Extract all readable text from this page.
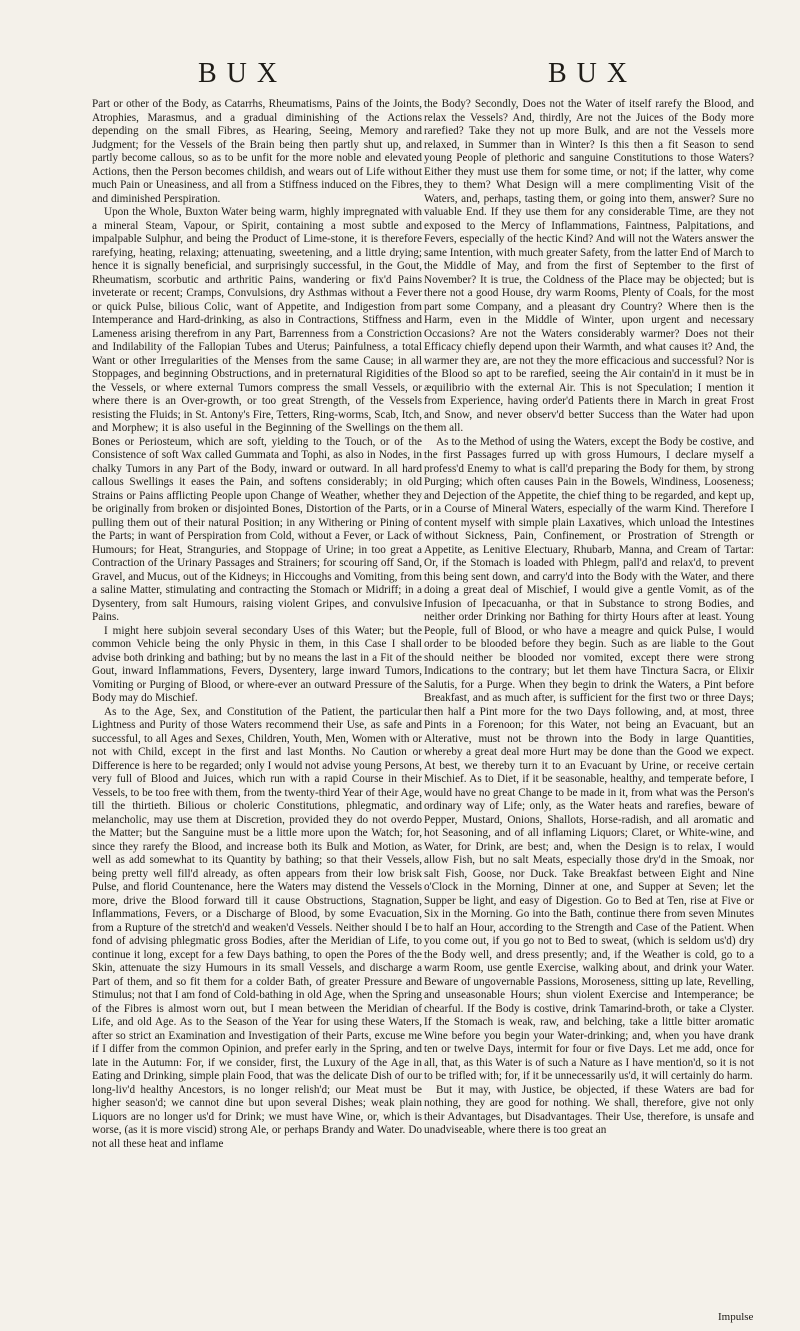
BUX	BUX

Part or other of the Body, as Catarrhs, Rheumatisms, Pains of the Joints, Atrophies, Marasmus, and a gradual diminishing of the Actions depending on the small Fibres, as Hearing, Seeing, Memory and Judgment; for the Vessels of the Brain being then partly shut up, and partly become callous, so as to be unfit for the more noble and elevated Actions, then the Person becomes childish, and wears out of Life without much Pain or Uneasiness, and all from a Stiffness induced on the Fibres, and diminished Perspiration.

Upon the Whole, Buxton Water being warm, highly impregnated with a mineral Steam, Vapour, or Spirit, containing a most subtle and impalpable Sulphur, and being the Product of Lime-stone, it is therefore rarefying, heating, relaxing; attenuating, sweetening, and a little drying; hence it is signally beneficial, and surprisingly successful, in the Gout, Rheumatism, scorbutic and arthritic Pains, wandering or fix'd Pains inveterate or recent; Cramps, Convulsions, dry Asthmas without a Fever or quick Pulse, bilious Colic, want of Appetite, and Indigestion from Intemperance and Hard-drinking, as also in Contractions, Stiffness and Lameness arising therefrom in any Part, Barrenness from a Constriction and Indilability of the Fallopian Tubes and Uterus; Painfulness, a total Want or other Irregularities of the Menses from the same Cause; in all Stoppages, and beginning Obstructions, and in preternatural Rigidities of the Vessels, or where external Tumors compress the small Vessels, or where there is an Over-growth, or too great Strength, of the Vessels resisting the Fluids; in St. Antony's Fire, Tetters, Ring-worms, Scab, Itch, and Morphew; it is also useful in the Beginning of the Swellings on the Bones or Periosteum, which are soft, yielding to the Touch, or of the Consistence of soft Wax called Gummata and Tophi, as also in Nodes, in chalky Tumors in any Part of the Body, inward or outward. In all hard callous Swellings it eases the Pain, and softens considerably; in old Strains or Pains afflicting People upon Change of Weather, whether they be originally from broken or disjointed Bones, Distortion of the Parts, or pulling them out of their natural Position; in any Withering or Pining of the Parts; in want of Perspiration from Cold, without a Fever, or Lack of Humours; for Heat, Stranguries, and Stoppage of Urine; in too great a Contraction of the Urinary Passages and Strainers; for scouring off Sand, Gravel, and Mucus, out of the Kidneys; in Hiccoughs and Vomiting, from a saline Matter, stimulating and contracting the Stomach or Midriff; in a Dysentery, from salt Humours, raising violent Gripes, and convulsive Pains.

I might here subjoin several secondary Uses of this Water; but the common Vehicle being the only Physic in them, in this Case I shall advise both drinking and bathing; but by no means the last in a Fit of the Gout, inward Inflammations, Fevers, Dysentery, large inward Tumors, Vomiting or Purging of Blood, or where-ever an outward Pressure of the Body may do Mischief.

As to the Age, Sex, and Constitution of the Patient, the particular Lightness and Purity of those Waters recommend their Use, as safe and successful, to all Ages and Sexes, Children, Youth, Men, Women with or not with Child, except in the first and last Months. No Caution or Difference is here to be regarded; only I would not advise young Persons, very full of Blood and Juices, which run with a rapid Course in their Vessels, to be too free with them, from the twenty-third Year of their Age, till the thirtieth. Bilious or choleric Constitutions, phlegmatic, and melancholic, may use them at Discretion, provided they do not overdo the Matter; but the Sanguine must be a little more upon the Watch; for, since they rarefy the Blood, and increase both its Bulk and Motion, as well as add somewhat to its Quantity by bathing; so that their Vessels, being pretty well fill'd already, as often appears from their low brisk Pulse, and florid Countenance, here the Waters may distend the Vessels more, drive the Blood forward till it cause Obstructions, Stagnation, Inflammations, Fevers, or a Discharge of Blood, by some Evacuation, from a Rupture of the stretch'd and weaken'd Vessels. Neither should I be fond of advising phlegmatic gross Bodies, after the Meridian of Life, to continue it long, except for a few Days bathing, to open the Pores of the Skin, attenuate the sizy Humours in its small Vessels, and discharge a Part of them, and so fit them for a colder Bath, of greater Pressure and Stimulus; not that I am fond of Cold-bathing in old Age, when the Spring of the Fibres is almost worn out, but I mean between the Meridian of Life, and old Age. As to the Season of the Year for using these Waters, after so strict an Examination and Investigation of their Parts, excuse me if I differ from the common Opinion, and prefer early in the Spring, and late in the Autumn: For, if we consider, first, the Luxury of the Age in Eating and Drinking, simple plain Food, that was the delicate Dish of our long-liv'd healthy Ancestors, is no longer relish'd; our Meat must be higher season'd; we cannot dine but upon several Dishes; weak plain Liquors are no longer us'd for Drink; we must have Wine, or, which is worse, (as it is more viscid) strong Ale, or perhaps Brandy and Water. Do not all these heat and inflame

the Body? Secondly, Does not the Water of itself rarefy the Blood, and relax the Vessels? And, thirdly, Are not the Juices of the Body more rarefied? Take they not up more Bulk, and are not the Vessels more relaxed, in Summer than in Winter? Is this then a fit Season to send young People of plethoric and sanguine Constitutions to those Waters? Either they must use them for some time, or not; if the latter, why come they to them? What Design will a mere complimenting Visit of the Waters, and, perhaps, tasting them, or going into them, answer? Sure no valuable End. If they use them for any considerable Time, are they not exposed to the Mercy of Inflammations, Faintness, Palpitations, and Fevers, especially of the hectic Kind? And will not the Waters answer the same Intention, with much greater Safety, from the latter End of March to the Middle of May, and from the first of September to the first of November? It is true, the Coldness of the Place may be objected; but is there not a good House, dry warm Rooms, Plenty of Coals, for the most part some Company, and a pleasant dry Country? Where then is the Harm, even in the Middle of Winter, upon urgent and necessary Occasions? Are not the Waters considerably warmer? Does not their Efficacy chiefly depend upon their Warmth, and what causes it? And, the warmer they are, are not they the more efficacious and successful? Nor is the Blood so apt to be rarefied, seeing the Air contain'd in it must be in æquilibrio with the external Air. This is not Speculation; I mention it from Experience, having order'd Patients there in March in great Frost and Snow, and never observ'd better Success than the Water had upon them all.

As to the Method of using the Waters, except the Body be costive, and the first Passages furred up with gross Humours, I declare myself a profess'd Enemy to what is call'd preparing the Body for them, by strong Purging; which often causes Pain in the Bowels, Windiness, Looseness; and Dejection of the Appetite, the chief thing to be regarded, and kept up, in a Course of Mineral Waters, especially of the warm Kind. Therefore I content myself with simple plain Laxatives, which unload the Intestines without Sickness, Pain, Confinement, or Prostration of Strength or Appetite, as Lenitive Electuary, Rhubarb, Manna, and Cream of Tartar: Or, if the Stomach is loaded with Phlegm, pall'd and relax'd, to prevent this being sent down, and carry'd into the Body with the Water, and there doing a great deal of Mischief, I would give a gentle Vomit, as of the Infusion of Ipecacuanha, or that in Substance to strong Bodies, and neither order Drinking nor Bathing for thirty Hours after at least. Young People, full of Blood, or who have a meagre and quick Pulse, I would order to be blooded before they begin. Such as are liable to the Gout should neither be blooded nor vomited, except there were strong Indications to the contrary; but let them have Tinctura Sacra, or Elixir Salutis, for a Purge. When they begin to drink the Waters, a Pint before Breakfast, and as much after, is sufficient for the first two or three Days; then half a Pint more for the two Days following, and, at most, three Pints in a Forenoon; for this Water, not being an Evacuant, but an Alterative, must not be thrown into the Body in large Quantities, whereby a great deal more Hurt may be done than the Good we expect. At best, we thereby turn it to an Evacuant by Urine, or receive certain Mischief. As to Diet, if it be seasonable, healthy, and temperate before, I would have no great Change to be made in it, from what was the Person's ordinary way of Life; only, as the Water heats and rarefies, beware of Pepper, Mustard, Onions, Shallots, Horse-radish, and all aromatic and hot Seasoning, and of all inflaming Liquors; Claret, or White-wine, and Water, for Drink, are best; and, when the Design is to relax, I would allow Fish, but no salt Meats, especially those dry'd in the Smoak, nor salt Fish, Goose, nor Duck. Take Breakfast between Eight and Nine o'Clock in the Morning, Dinner at one, and Supper at Seven; let the Supper be light, and easy of Digestion. Go to Bed at Ten, rise at Five or Six in the Morning. Go into the Bath, continue there from seven Minutes to half an Hour, according to the Strength and Case of the Patient. When you come out, if you go not to Bed to sweat, (which is seldom us'd) dry the Body well, and dress presently; and, if the Weather is cold, go to a warm Room, use gentle Exercise, walking about, and drink your Water. Beware of ungovernable Passions, Moroseness, sitting up late, Revelling, and unseasonable Hours; shun violent Exercise and Intemperance; be chearful. If the Body is costive, drink Tamarind-broth, or take a Clyster. If the Stomach is weak, raw, and belching, take a little bitter aromatic Wine before you begin your Water-drinking; and, when you have drank ten or twelve Days, intermit for four or five Days. Let me add, once for all, that, as this Water is of such a Nature as I have mention'd, so it is not to be trifled with; for, if it be unnecessarily us'd, it will certainly do harm.

But it may, with Justice, be objected, if these Waters are bad for nothing, they are good for nothing. We shall, therefore, give not only their Advantages, but Disadvantages. Their Use, therefore, is unsafe and unadviseable, where there is too great an

Impulse
